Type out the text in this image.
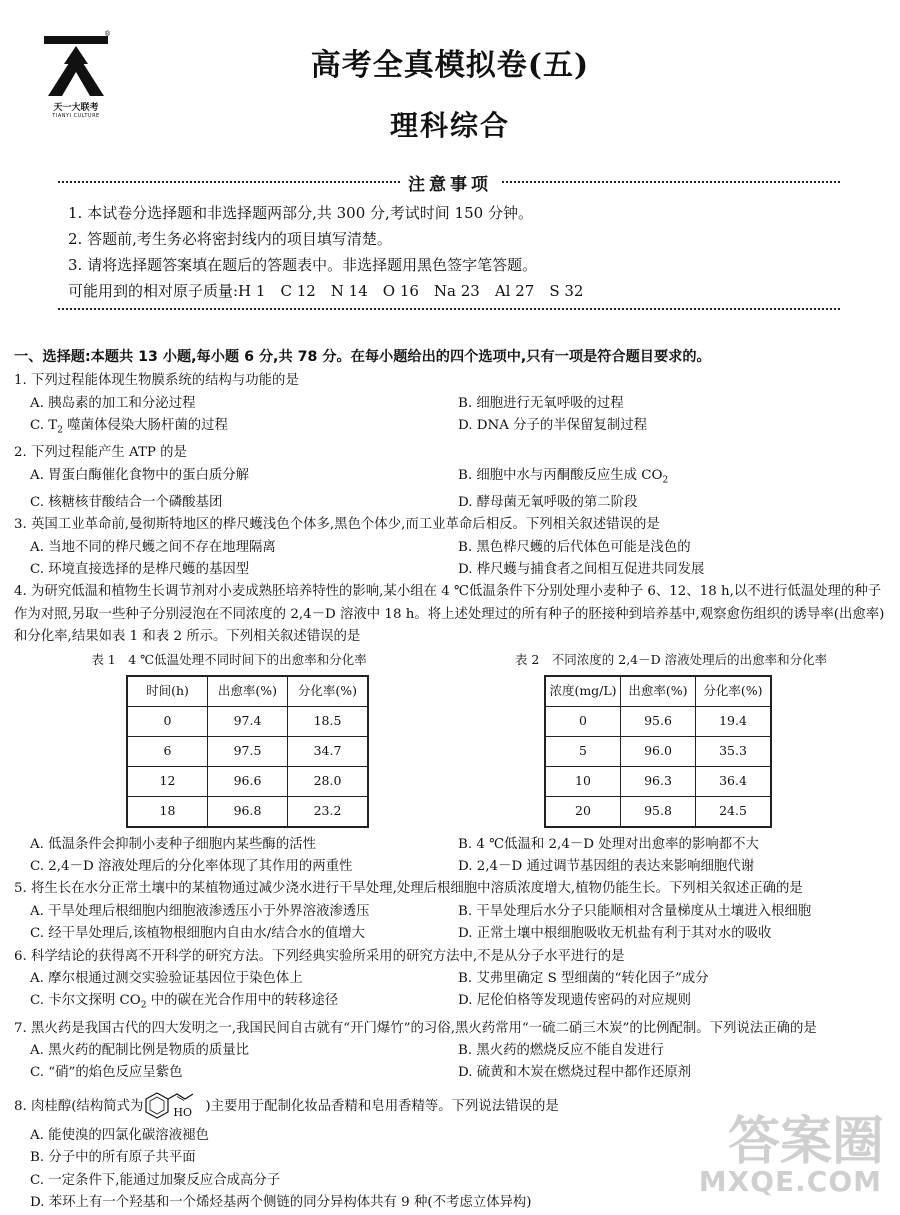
®
天一大联考
TIANYI CULTURE
高考全真模拟卷(五)
理科综合
注意事项
1. 本试卷分选择题和非选择题两部分,共 300 分,考试时间 150 分钟。
2. 答题前,考生务必将密封线内的项目填写清楚。
3. 请将选择题答案填在题后的答题表中。非选择题用黑色签字笔答题。
可能用到的相对原子质量:H 1　C 12　N 14　O 16　Na 23　Al 27　S 32
一、选择题:本题共 13 小题,每小题 6 分,共 78 分。在每小题给出的四个选项中,只有一项是符合题目要求的。
1. 下列过程能体现生物膜系统的结构与功能的是
A. 胰岛素的加工和分泌过程	B. 细胞进行无氧呼吸的过程
C. $T_2$ 噬菌体侵染大肠杆菌的过程	D. DNA 分子的半保留复制过程
2. 下列过程能产生 ATP 的是
A. 胃蛋白酶催化食物中的蛋白质分解	B. 细胞中水与丙酮酸反应生成 $CO_2$
C. 核糖核苷酸结合一个磷酸基团	D. 酵母菌无氧呼吸的第二阶段
3. 英国工业革命前,曼彻斯特地区的桦尺蠖浅色个体多,黑色个体少,而工业革命后相反。下列相关叙述错误的是
A. 当地不同的桦尺蠖之间不存在地理隔离	B. 黑色桦尺蠖的后代体色可能是浅色的
C. 环境直接选择的是桦尺蠖的基因型	D. 桦尺蠖与捕食者之间相互促进共同发展
4. 为研究低温和植物生长调节剂对小麦成熟胚培养特性的影响,某小组在 4 ℃低温条件下分别处理小麦种子 6、12、18 h,以不进行低温处理的种子作为对照,另取一些种子分别浸泡在不同浓度的 2,4－D 溶液中 18 h。将上述处理过的所有种子的胚接种到培养基中,观察愈伤组织的诱导率(出愈率)和分化率,结果如表 1 和表 2 所示。下列相关叙述错误的是
表 1　4 ℃低温处理不同时间下的出愈率和分化率
时间(h)	出愈率(%)	分化率(%)
0	97.4	18.5
6	97.5	34.7
12	96.6	28.0
18	96.8	23.2
表 2　不同浓度的 2,4－D 溶液处理后的出愈率和分化率
浓度(mg/L)	出愈率(%)	分化率(%)
0	95.6	19.4
5	96.0	35.3
10	96.3	36.4
20	95.8	24.5
A. 低温条件会抑制小麦种子细胞内某些酶的活性	B. 4 ℃低温和 2,4－D 处理对出愈率的影响都不大
C. 2,4－D 溶液处理后的分化率体现了其作用的两重性	D. 2,4－D 通过调节基因组的表达来影响细胞代谢
5. 将生长在水分正常土壤中的某植物通过减少浇水进行干旱处理,处理后根细胞中溶质浓度增大,植物仍能生长。下列相关叙述正确的是
A. 干旱处理后根细胞内细胞液渗透压小于外界溶液渗透压	B. 干旱处理后水分子只能顺相对含量梯度从土壤进入根细胞
C. 经干旱处理后,该植物根细胞内自由水/结合水的值增大	D. 正常土壤中根细胞吸收无机盐有利于其对水的吸收
6. 科学结论的获得离不开科学的研究方法。下列经典实验所采用的研究方法中,不是从分子水平进行的是
A. 摩尔根通过测交实验验证基因位于染色体上	B. 艾弗里确定 S 型细菌的“转化因子”成分
C. 卡尔文探明 $CO_2$ 中的碳在光合作用中的转移途径	D. 尼伦伯格等发现遗传密码的对应规则
7. 黑火药是我国古代的四大发明之一,我国民间自古就有“开门爆竹”的习俗,黑火药常用“一硫二硝三木炭”的比例配制。下列说法正确的是
A. 黑火药的配制比例是物质的质量比	B. 黑火药的燃烧反应不能自发进行
C. “硝”的焰色反应呈紫色	D. 硫黄和木炭在燃烧过程中都作还原剂
8. 肉桂醇(结构简式为	HO )主要用于配制化妆品香精和皂用香精等。下列说法错误的是
A. 能使溴的四氯化碳溶液褪色
B. 分子中的所有原子共平面
C. 一定条件下,能通过加聚反应合成高分子
D. 苯环上有一个羟基和一个烯烃基两个侧链的同分异构体共有 9 种(不考虑立体异构)
答案圈
MXQE.COM
